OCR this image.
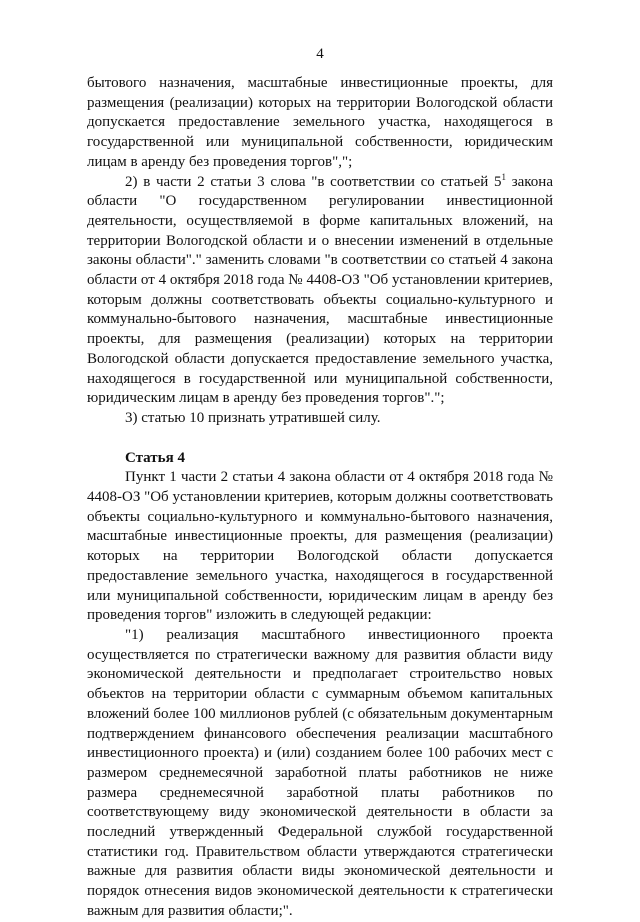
4

бытового назначения, масштабные инвестиционные проекты, для размещения (реализации) которых на территории Вологодской области допускается предоставление земельного участка, находящегося в государственной или муниципальной собственности, юридическим лицам в аренду без проведения торгов",";

2) в части 2 статьи 3 слова "в соответствии со статьей $5^1$ закона области "О государственном регулировании инвестиционной деятельности, осуществляемой в форме капитальных вложений, на территории Вологодской области и о внесении изменений в отдельные законы области"." заменить словами "в соответствии со статьей 4 закона области от 4 октября 2018 года № 4408-ОЗ "Об установлении критериев, которым должны соответствовать объекты социально-культурного и коммунально-бытового назначения, масштабные инвестиционные проекты, для размещения (реализации) которых на территории Вологодской области допускается предоставление земельного участка, находящегося в государственной или муниципальной собственности, юридическим лицам в аренду без проведения торгов".";

3) статью 10 признать утратившей силу.

Статья 4

Пункт 1 части 2 статьи 4 закона области от 4 октября 2018 года № 4408-ОЗ "Об установлении критериев, которым должны соответствовать объекты социально-культурного и коммунально-бытового назначения, масштабные инвестиционные проекты, для размещения (реализации) которых на территории Вологодской области допускается предоставление земельного участка, находящегося в государственной или муниципальной собственности, юридическим лицам в аренду без проведения торгов" изложить в следующей редакции:

"1) реализация масштабного инвестиционного проекта осуществляется по стратегически важному для развития области виду экономической деятельности и предполагает строительство новых объектов на территории области с суммарным объемом капитальных вложений более 100 миллионов рублей (с обязательным документарным подтверждением финансового обеспечения реализации масштабного инвестиционного проекта) и (или) созданием более 100 рабочих мест с размером среднемесячной заработной платы работников не ниже размера среднемесячной заработной платы работников по соответствующему виду экономической деятельности в области за последний утвержденный Федеральной службой государственной статистики год. Правительством области утверждаются стратегически важные для развития области виды экономической деятельности и порядок отнесения видов экономической деятельности к стратегически важным для развития области;".
